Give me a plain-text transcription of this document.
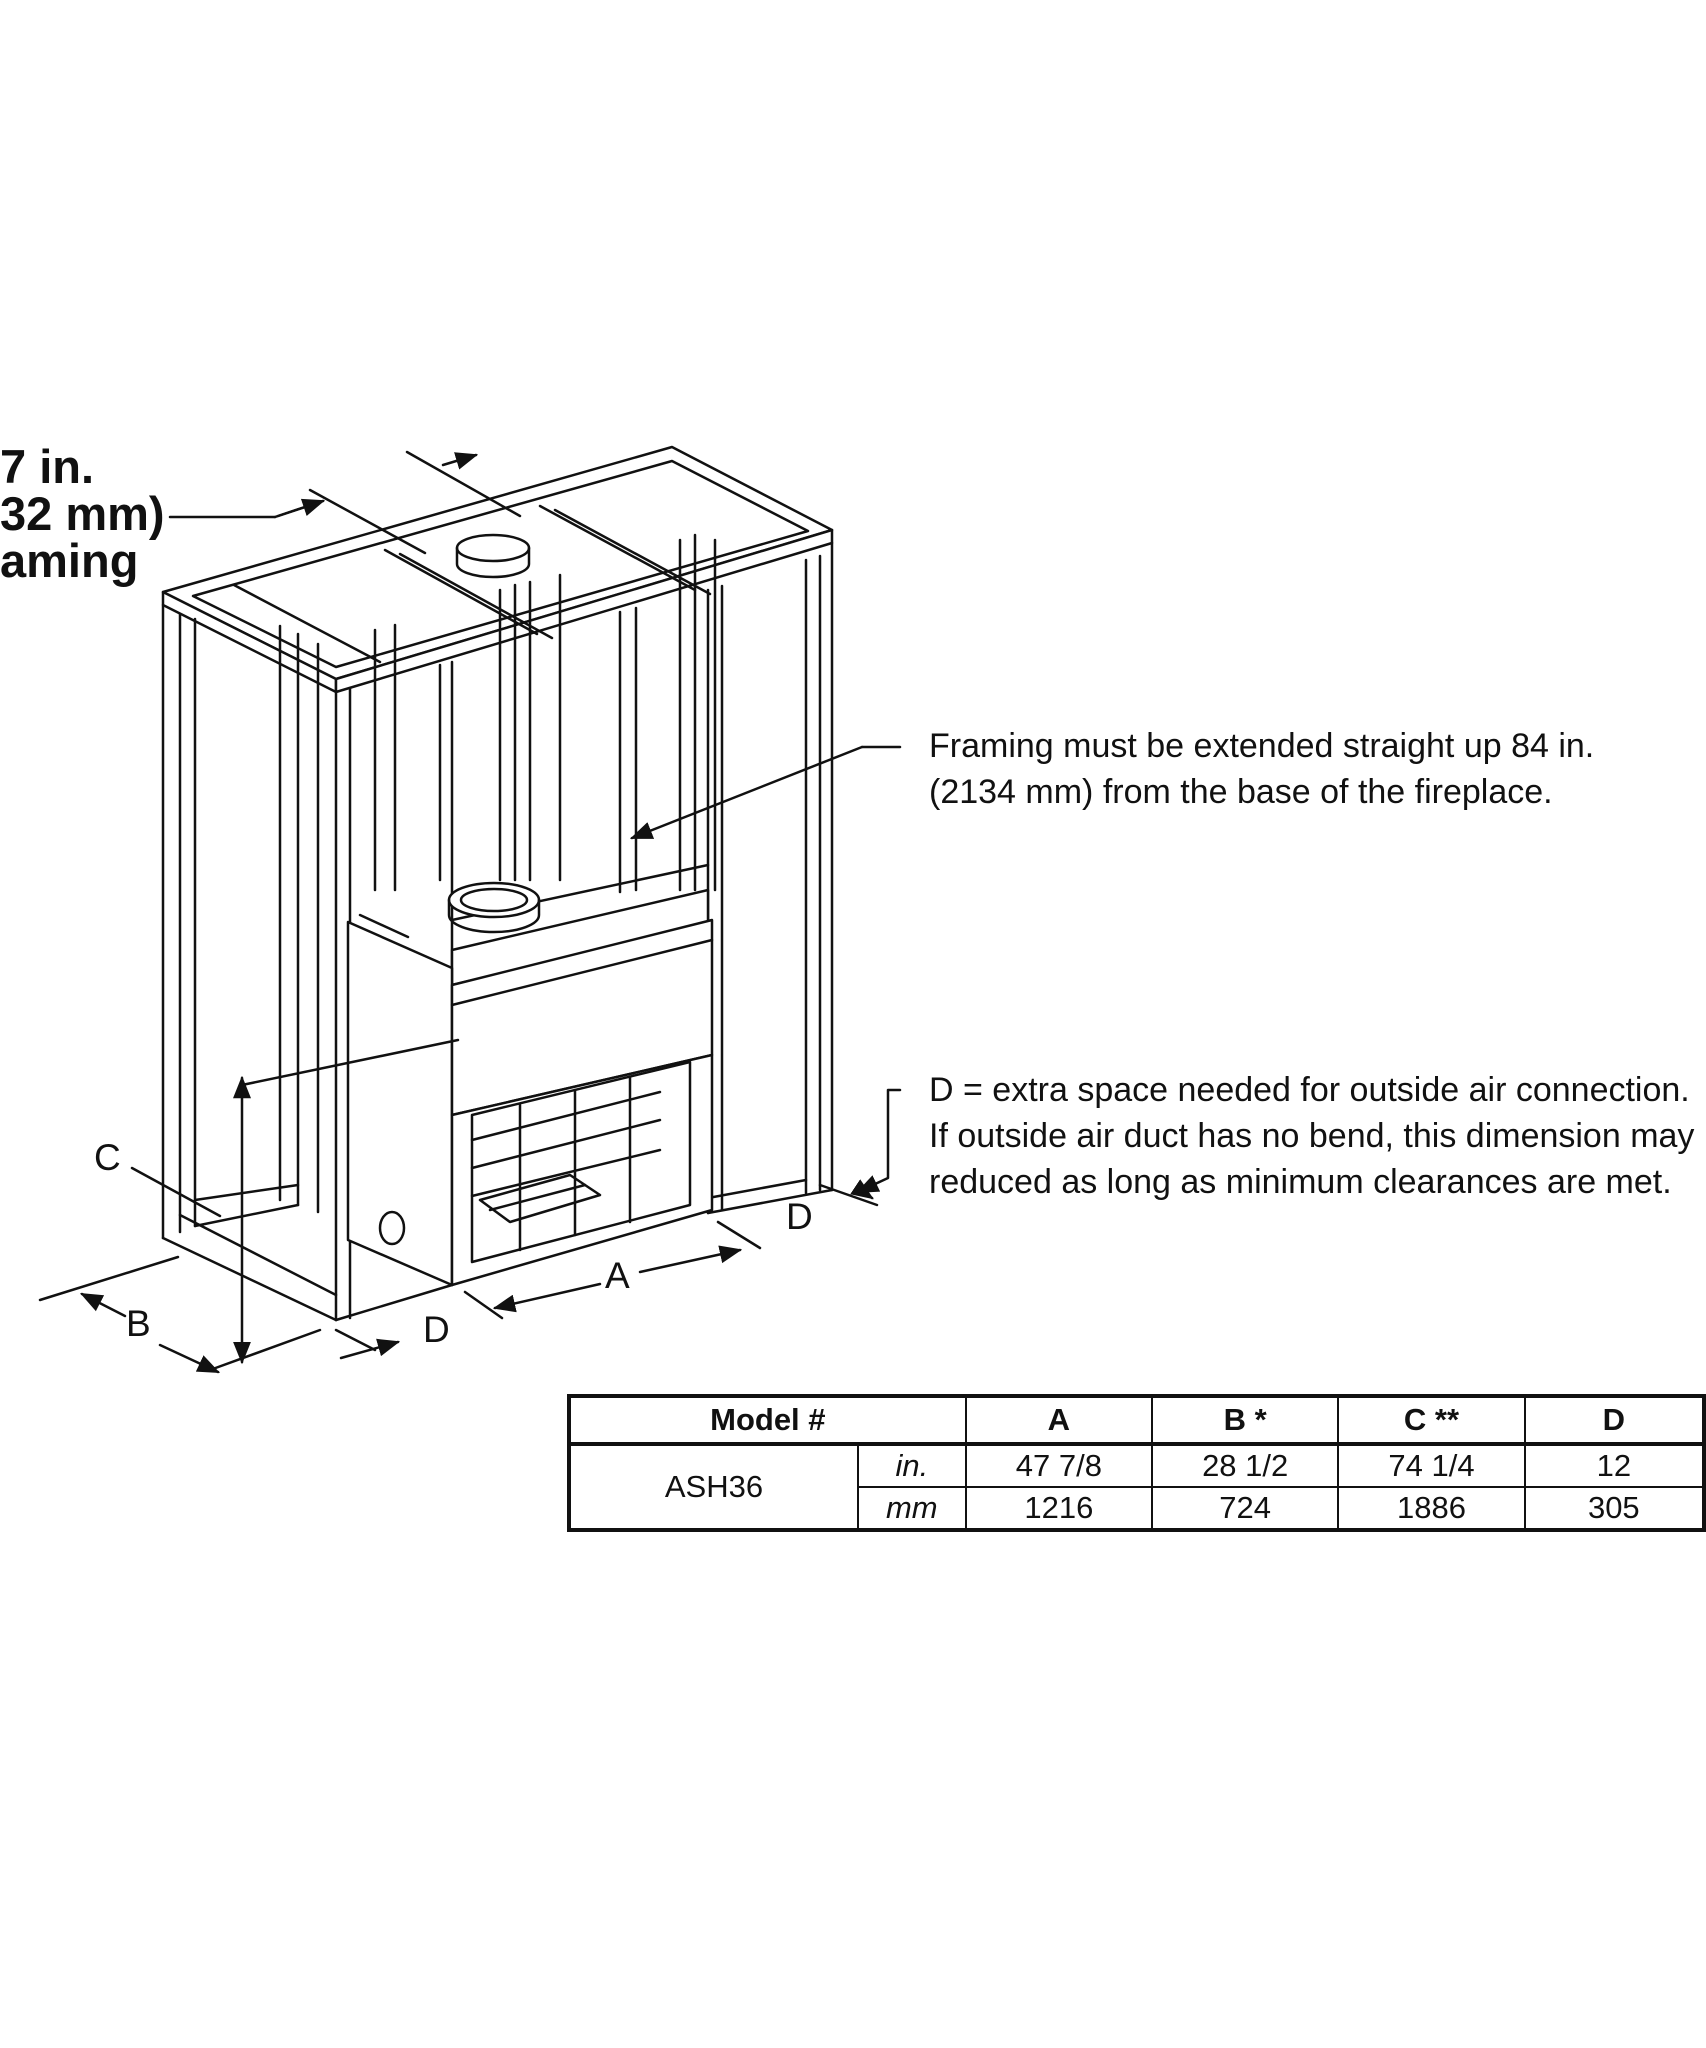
7 in.
32 mm)
aming
Framing must be extended straight up 84 in.
(2134 mm) from the base of the fireplace.
D = extra space needed for outside air connection.
If outside air duct has no bend, this dimension may
reduced as long as minimum clearances are met.
C
B	D
A
D
Model #		A	B *	C **	D
ASH36	in.	47 7/8	28 1/2	74 1/4	12
	mm	1216	724	1886	305
